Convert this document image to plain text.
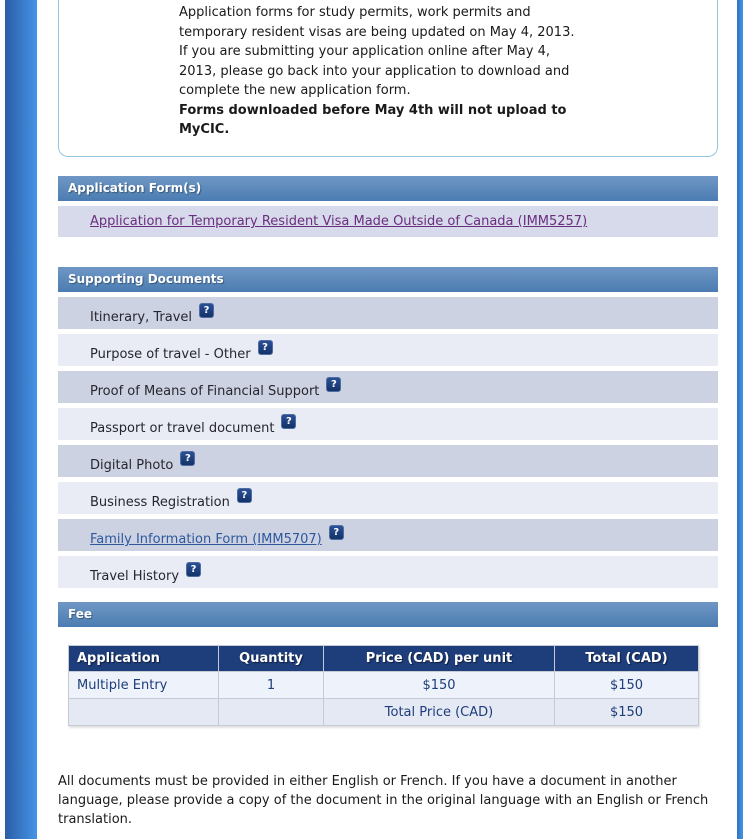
Application forms for study permits, work permits and temporary resident visas are being updated on May 4, 2013. If you are submitting your application online after May 4, 2013, please go back into your application to download and complete the new application form.
Forms downloaded before May 4th will not upload to MyCIC.
Application Form(s)
Application for Temporary Resident Visa Made Outside of Canada (IMM5257)
Supporting Documents
Itinerary, Travel	?
Purpose of travel - Other	?
Proof of Means of Financial Support	?
Passport or travel document	?
Digital Photo	?
Business Registration	?
Family Information Form (IMM5707)	?
Travel History	?
Fee
Application	Quantity	Price (CAD) per unit	Total (CAD)
Multiple Entry	1	$150	$150
		Total Price (CAD)	$150
All documents must be provided in either English or French. If you have a document in another language, please provide a copy of the document in the original language with an English or French translation.
